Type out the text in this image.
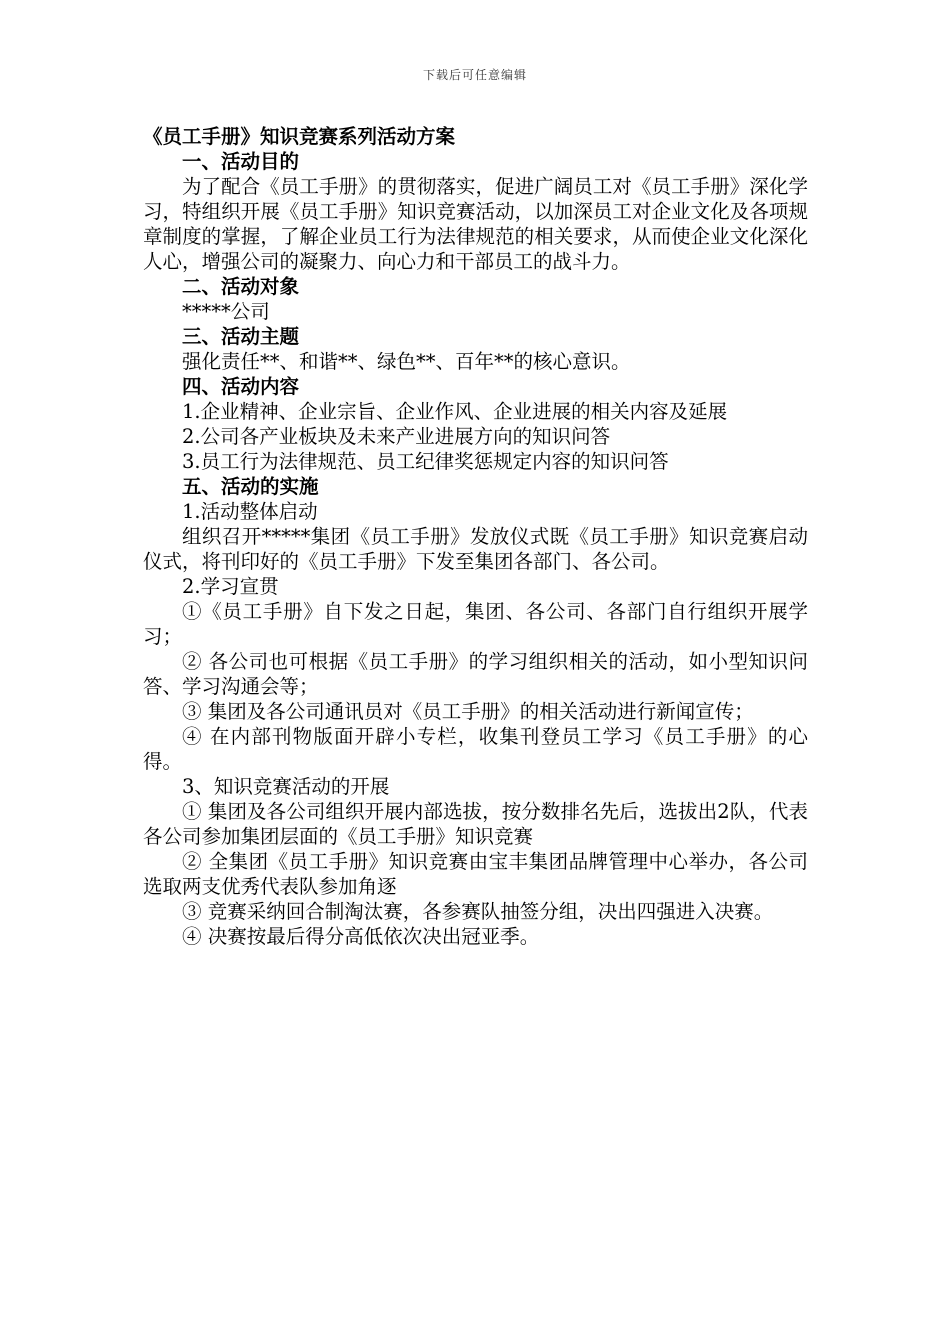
下载后可任意编辑

《员工手册》知识竞赛系列活动方案

一、活动目的

为了配合《员工手册》的贯彻落实，促进广阔员工对《员工手册》深化学习，特组织开展《员工手册》知识竞赛活动，以加深员工对企业文化及各项规章制度的掌握，了解企业员工行为法律规范的相关要求，从而使企业文化深化人心，增强公司的凝聚力、向心力和干部员工的战斗力。

二、活动对象

*****公司

三、活动主题

强化责任**、和谐**、绿色**、百年**的核心意识。

四、活动内容

1.企业精神、企业宗旨、企业作风、企业进展的相关内容及延展

2.公司各产业板块及未来产业进展方向的知识问答

3.员工行为法律规范、员工纪律奖惩规定内容的知识问答

五、活动的实施

1.活动整体启动

组织召开*****集团《员工手册》发放仪式既《员工手册》知识竞赛启动仪式，将刊印好的《员工手册》下发至集团各部门、各公司。

2.学习宣贯

①《员工手册》自下发之日起，集团、各公司、各部门自行组织开展学习；

② 各公司也可根据《员工手册》的学习组织相关的活动，如小型知识问答、学习沟通会等；

③ 集团及各公司通讯员对《员工手册》的相关活动进行新闻宣传；

④ 在内部刊物版面开辟小专栏，收集刊登员工学习《员工手册》的心得。

3、知识竞赛活动的开展

① 集团及各公司组织开展内部选拔，按分数排名先后，选拔出2队，代表各公司参加集团层面的《员工手册》知识竞赛

② 全集团《员工手册》知识竞赛由宝丰集团品牌管理中心举办，各公司选取两支优秀代表队参加角逐

③ 竞赛采纳回合制淘汰赛，各参赛队抽签分组，决出四强进入决赛。

④ 决赛按最后得分高低依次决出冠亚季。
